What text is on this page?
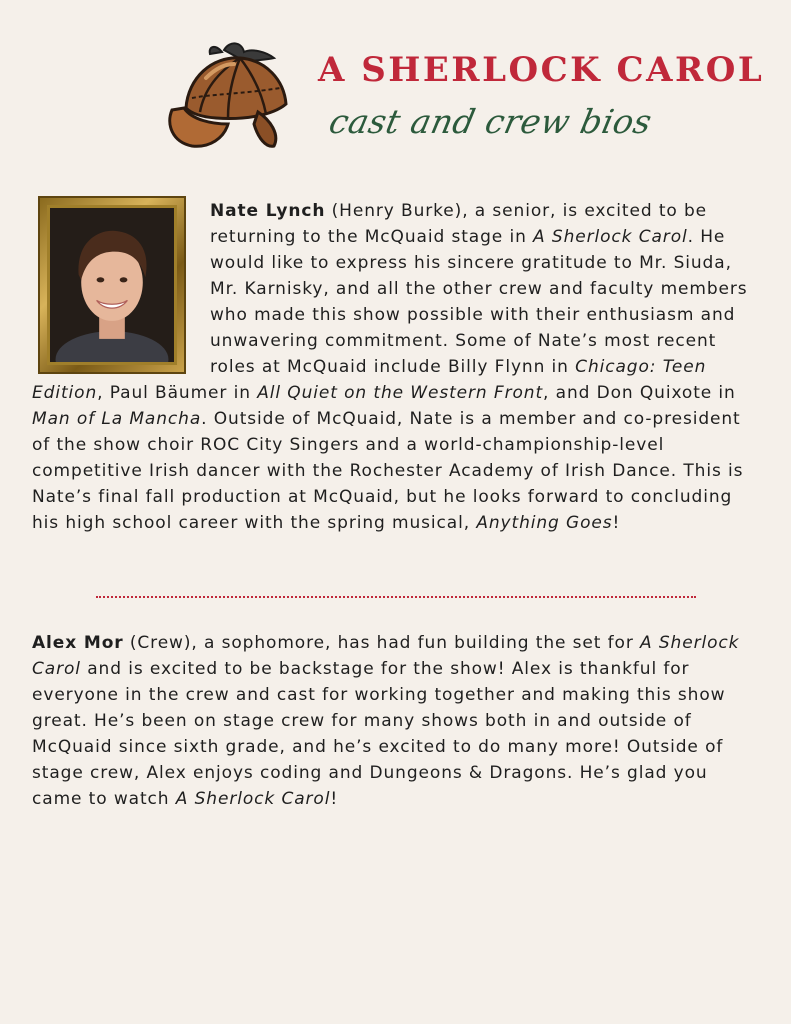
A SHERLOCK CAROL
cast and crew bios

Nate Lynch (Henry Burke), a senior, is excited to be returning to the McQuaid stage in A Sherlock Carol. He would like to express his sincere gratitude to Mr. Siuda, Mr. Karnisky, and all the other crew and faculty members who made this show possible with their enthusiasm and unwavering commitment. Some of Nate’s most recent roles at McQuaid include Billy Flynn in Chicago: Teen Edition, Paul Bäumer in All Quiet on the Western Front, and Don Quixote in Man of La Mancha. Outside of McQuaid, Nate is a member and co-president of the show choir ROC City Singers and a world-championship-level competitive Irish dancer with the Rochester Academy of Irish Dance. This is Nate’s final fall production at McQuaid, but he looks forward to concluding his high school career with the spring musical, Anything Goes!

Alex Mor (Crew), a sophomore, has had fun building the set for A Sherlock Carol and is excited to be backstage for the show! Alex is thankful for everyone in the crew and cast for working together and making this show great. He’s been on stage crew for many shows both in and outside of McQuaid since sixth grade, and he’s excited to do many more! Outside of stage crew, Alex enjoys coding and Dungeons & Dragons. He’s glad you came to watch A Sherlock Carol!
